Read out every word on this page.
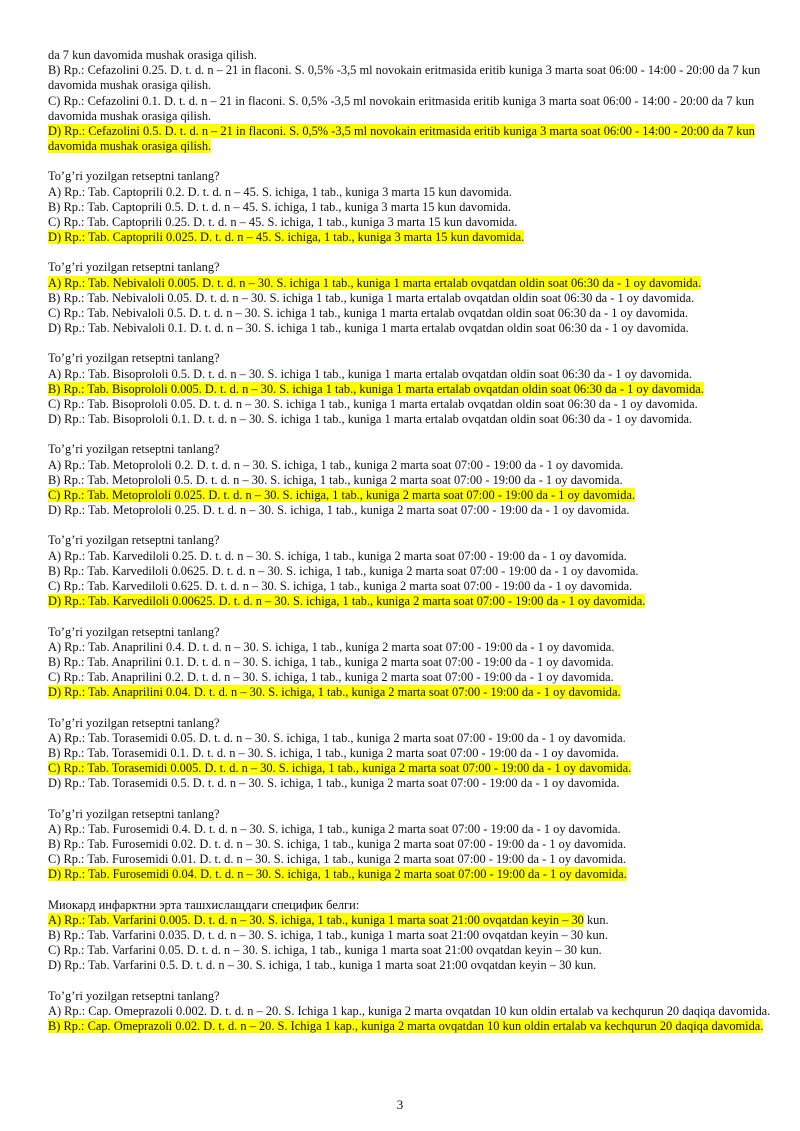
da 7 kun davomida mushak orasiga qilish.
B) Rp.: Cefazolini 0.25. D. t. d. n – 21 in flaconi. S. 0,5% -3,5 ml novokain eritmasida eritib kuniga 3 marta soat 06:00 - 14:00 - 20:00 da 7 kun davomida mushak orasiga qilish.
C) Rp.: Cefazolini 0.1. D. t. d. n – 21 in flaconi. S. 0,5% -3,5 ml novokain eritmasida eritib kuniga 3 marta soat 06:00 - 14:00 - 20:00 da 7 kun davomida mushak orasiga qilish.
D) Rp.: Cefazolini 0.5. D. t. d. n – 21 in flaconi. S. 0,5% -3,5 ml novokain eritmasida eritib kuniga 3 marta soat 06:00 - 14:00 - 20:00 da 7 kun davomida mushak orasiga qilish.
To’g’ri yozilgan retseptni tanlang?
A) Rp.: Tab. Captoprili 0.2. D. t. d. n – 45. S. ichiga, 1 tab., kuniga 3 marta 15 kun davomida.
B) Rp.: Tab. Captoprili 0.5. D. t. d. n – 45. S. ichiga, 1 tab., kuniga 3 marta 15 kun davomida.
C) Rp.: Tab. Captoprili 0.25. D. t. d. n – 45. S. ichiga, 1 tab., kuniga 3 marta 15 kun davomida.
D) Rp.: Tab. Captoprili 0.025. D. t. d. n – 45. S. ichiga, 1 tab., kuniga 3 marta 15 kun davomida.
To’g’ri yozilgan retseptni tanlang?
A) Rp.: Tab. Nebivaloli 0.005. D. t. d. n – 30. S. ichiga 1 tab., kuniga 1 marta ertalab ovqatdan oldin soat 06:30 da - 1 oy davomida.
B) Rp.: Tab. Nebivaloli 0.05. D. t. d. n – 30. S. ichiga 1 tab., kuniga 1 marta ertalab ovqatdan oldin soat 06:30 da - 1 oy davomida.
C) Rp.: Tab. Nebivaloli 0.5. D. t. d. n – 30. S. ichiga 1 tab., kuniga 1 marta ertalab ovqatdan oldin soat 06:30 da - 1 oy davomida.
D) Rp.: Tab. Nebivaloli 0.1. D. t. d. n – 30. S. ichiga 1 tab., kuniga 1 marta ertalab ovqatdan oldin soat 06:30 da - 1 oy davomida.
To’g’ri yozilgan retseptni tanlang?
A) Rp.: Tab. Bisoprololi 0.5. D. t. d. n – 30. S. ichiga 1 tab., kuniga 1 marta ertalab ovqatdan oldin soat 06:30 da - 1 oy davomida.
B) Rp.: Tab. Bisoprololi 0.005. D. t. d. n – 30. S. ichiga 1 tab., kuniga 1 marta ertalab ovqatdan oldin soat 06:30 da - 1 oy davomida.
C) Rp.: Tab. Bisoprololi 0.05. D. t. d. n – 30. S. ichiga 1 tab., kuniga 1 marta ertalab ovqatdan oldin soat 06:30 da - 1 oy davomida.
D) Rp.: Tab. Bisoprololi 0.1. D. t. d. n – 30. S. ichiga 1 tab., kuniga 1 marta ertalab ovqatdan oldin soat 06:30 da - 1 oy davomida.
To’g’ri yozilgan retseptni tanlang?
A) Rp.: Tab. Metoprololi 0.2. D. t. d. n – 30. S. ichiga, 1 tab., kuniga 2 marta soat 07:00 - 19:00 da - 1 oy davomida.
B) Rp.: Tab. Metoprololi 0.5. D. t. d. n – 30. S. ichiga, 1 tab., kuniga 2 marta soat 07:00 - 19:00 da - 1 oy davomida.
C) Rp.: Tab. Metoprololi 0.025. D. t. d. n – 30. S. ichiga, 1 tab., kuniga 2 marta soat 07:00 - 19:00 da - 1 oy davomida.
D) Rp.: Tab. Metoprololi 0.25. D. t. d. n – 30. S. ichiga, 1 tab., kuniga 2 marta soat 07:00 - 19:00 da - 1 oy davomida.
To’g’ri yozilgan retseptni tanlang?
A) Rp.: Tab. Karvediloli 0.25. D. t. d. n – 30. S. ichiga, 1 tab., kuniga 2 marta soat 07:00 - 19:00 da - 1 oy davomida.
B) Rp.: Tab. Karvediloli 0.0625. D. t. d. n – 30. S. ichiga, 1 tab., kuniga 2 marta soat 07:00 - 19:00 da - 1 oy davomida.
C) Rp.: Tab. Karvediloli 0.625. D. t. d. n – 30. S. ichiga, 1 tab., kuniga 2 marta soat 07:00 - 19:00 da - 1 oy davomida.
D) Rp.: Tab. Karvediloli 0.00625. D. t. d. n – 30. S. ichiga, 1 tab., kuniga 2 marta soat 07:00 - 19:00 da - 1 oy davomida.
To’g’ri yozilgan retseptni tanlang?
A) Rp.: Tab. Anaprilini 0.4. D. t. d. n – 30. S. ichiga, 1 tab., kuniga 2 marta soat 07:00 - 19:00 da - 1 oy davomida.
B) Rp.: Tab. Anaprilini 0.1. D. t. d. n – 30. S. ichiga, 1 tab., kuniga 2 marta soat 07:00 - 19:00 da - 1 oy davomida.
C) Rp.: Tab. Anaprilini 0.2. D. t. d. n – 30. S. ichiga, 1 tab., kuniga 2 marta soat 07:00 - 19:00 da - 1 oy davomida.
D) Rp.: Tab. Anaprilini 0.04. D. t. d. n – 30. S. ichiga, 1 tab., kuniga 2 marta soat 07:00 - 19:00 da - 1 oy davomida.
To’g’ri yozilgan retseptni tanlang?
A) Rp.: Tab. Torasemidi 0.05. D. t. d. n – 30. S. ichiga, 1 tab., kuniga 2 marta soat 07:00 - 19:00 da - 1 oy davomida.
B) Rp.: Tab. Torasemidi 0.1. D. t. d. n – 30. S. ichiga, 1 tab., kuniga 2 marta soat 07:00 - 19:00 da - 1 oy davomida.
C) Rp.: Tab. Torasemidi 0.005. D. t. d. n – 30. S. ichiga, 1 tab., kuniga 2 marta soat 07:00 - 19:00 da - 1 oy davomida.
D) Rp.: Tab. Torasemidi 0.5. D. t. d. n – 30. S. ichiga, 1 tab., kuniga 2 marta soat 07:00 - 19:00 da - 1 oy davomida.
To’g’ri yozilgan retseptni tanlang?
A) Rp.: Tab. Furosemidi 0.4. D. t. d. n – 30. S. ichiga, 1 tab., kuniga 2 marta soat 07:00 - 19:00 da - 1 oy davomida.
B) Rp.: Tab. Furosemidi 0.02. D. t. d. n – 30. S. ichiga, 1 tab., kuniga 2 marta soat 07:00 - 19:00 da - 1 oy davomida.
C) Rp.: Tab. Furosemidi 0.01. D. t. d. n – 30. S. ichiga, 1 tab., kuniga 2 marta soat 07:00 - 19:00 da - 1 oy davomida.
D) Rp.: Tab. Furosemidi 0.04. D. t. d. n – 30. S. ichiga, 1 tab., kuniga 2 marta soat 07:00 - 19:00 da - 1 oy davomida.
Миокард инфарктни эрта ташхислащдаги специфик белги:
A) Rp.: Tab. Varfarini 0.005. D. t. d. n – 30. S. ichiga, 1 tab., kuniga 1 marta soat 21:00 ovqatdan keyin – 30 kun.
B) Rp.: Tab. Varfarini 0.035. D. t. d. n – 30. S. ichiga, 1 tab., kuniga 1 marta soat 21:00 ovqatdan keyin – 30 kun.
C) Rp.: Tab. Varfarini 0.05. D. t. d. n – 30. S. ichiga, 1 tab., kuniga 1 marta soat 21:00 ovqatdan keyin – 30 kun.
D) Rp.: Tab. Varfarini 0.5. D. t. d. n – 30. S. ichiga, 1 tab., kuniga 1 marta soat 21:00 ovqatdan keyin – 30 kun.
To’g’ri yozilgan retseptni tanlang?
A) Rp.: Cap. Omeprazoli 0.002. D. t. d. n – 20. S. Ichiga 1 kap., kuniga 2 marta ovqatdan 10 kun oldin ertalab va kechqurun 20 daqiqa davomida.
B) Rp.: Cap. Omeprazoli 0.02. D. t. d. n – 20. S. Ichiga 1 kap., kuniga 2 marta ovqatdan 10 kun oldin ertalab va kechqurun 20 daqiqa davomida.
3
